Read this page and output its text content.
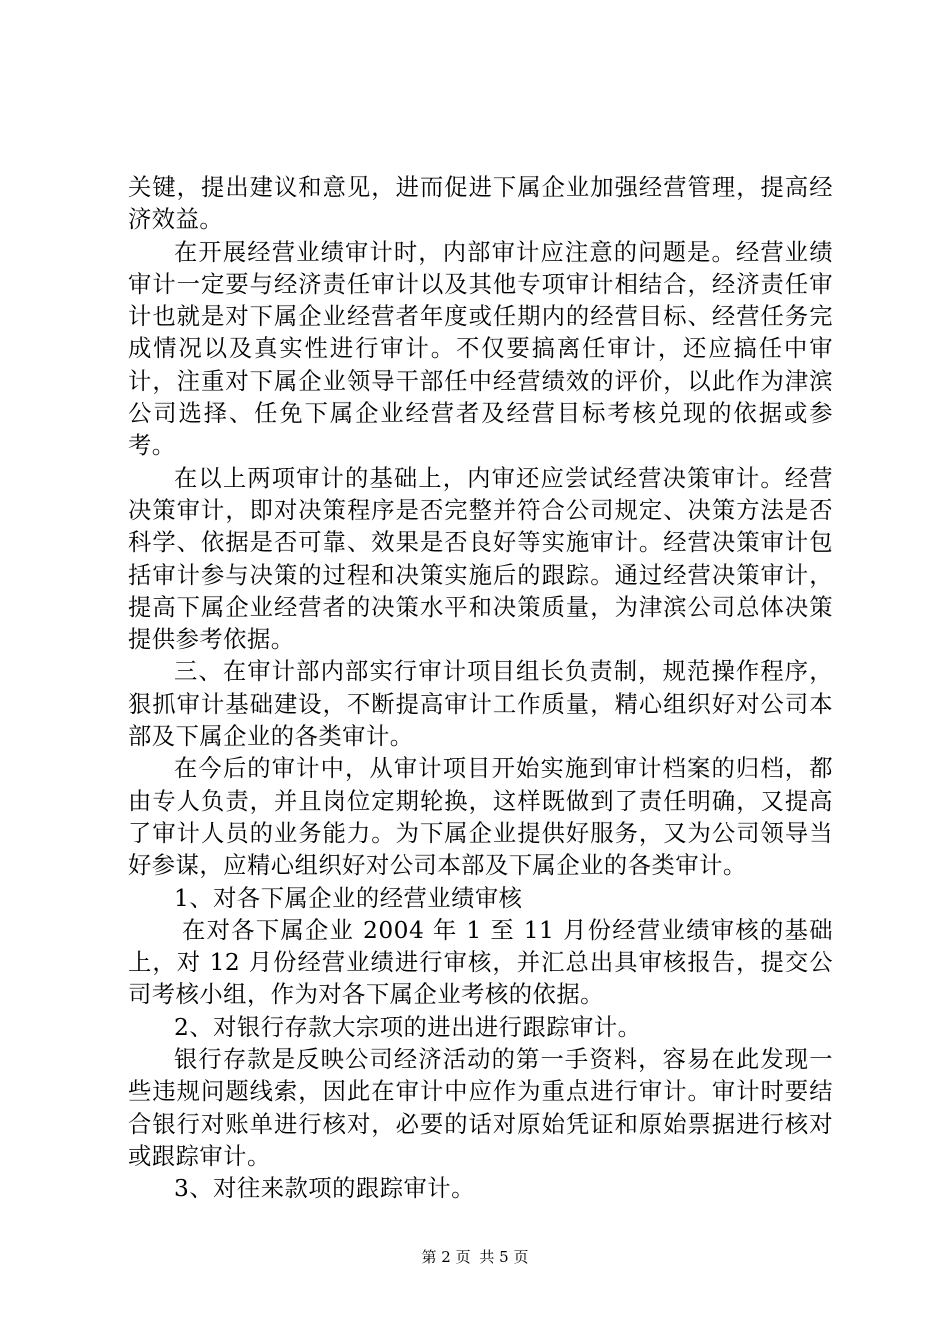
关键，提出建议和意见，进而促进下属企业加强经营管理，提高经济效益。

在开展经营业绩审计时，内部审计应注意的问题是。经营业绩审计一定要与经济责任审计以及其他专项审计相结合，经济责任审计也就是对下属企业经营者年度或任期内的经营目标、经营任务完成情况以及真实性进行审计。不仅要搞离任审计，还应搞任中审计，注重对下属企业领导干部任中经营绩效的评价，以此作为津滨公司选择、任免下属企业经营者及经营目标考核兑现的依据或参考。

在以上两项审计的基础上，内审还应尝试经营决策审计。经营决策审计，即对决策程序是否完整并符合公司规定、决策方法是否科学、依据是否可靠、效果是否良好等实施审计。经营决策审计包括审计参与决策的过程和决策实施后的跟踪。通过经营决策审计，提高下属企业经营者的决策水平和决策质量，为津滨公司总体决策提供参考依据。

三、在审计部内部实行审计项目组长负责制，规范操作程序，狠抓审计基础建设，不断提高审计工作质量，精心组织好对公司本部及下属企业的各类审计。

在今后的审计中，从审计项目开始实施到审计档案的归档，都由专人负责，并且岗位定期轮换，这样既做到了责任明确，又提高了审计人员的业务能力。为下属企业提供好服务，又为公司领导当好参谋，应精心组织好对公司本部及下属企业的各类审计。

1、对各下属企业的经营业绩审核

在对各下属企业 2004 年 1 至 11 月份经营业绩审核的基础上，对 12 月份经营业绩进行审核，并汇总出具审核报告，提交公司考核小组，作为对各下属企业考核的依据。

2、对银行存款大宗项的进出进行跟踪审计。

银行存款是反映公司经济活动的第一手资料，容易在此发现一些违规问题线索，因此在审计中应作为重点进行审计。审计时要结合银行对账单进行核对，必要的话对原始凭证和原始票据进行核对或跟踪审计。

3、对往来款项的跟踪审计。

第 2 页 共 5 页
